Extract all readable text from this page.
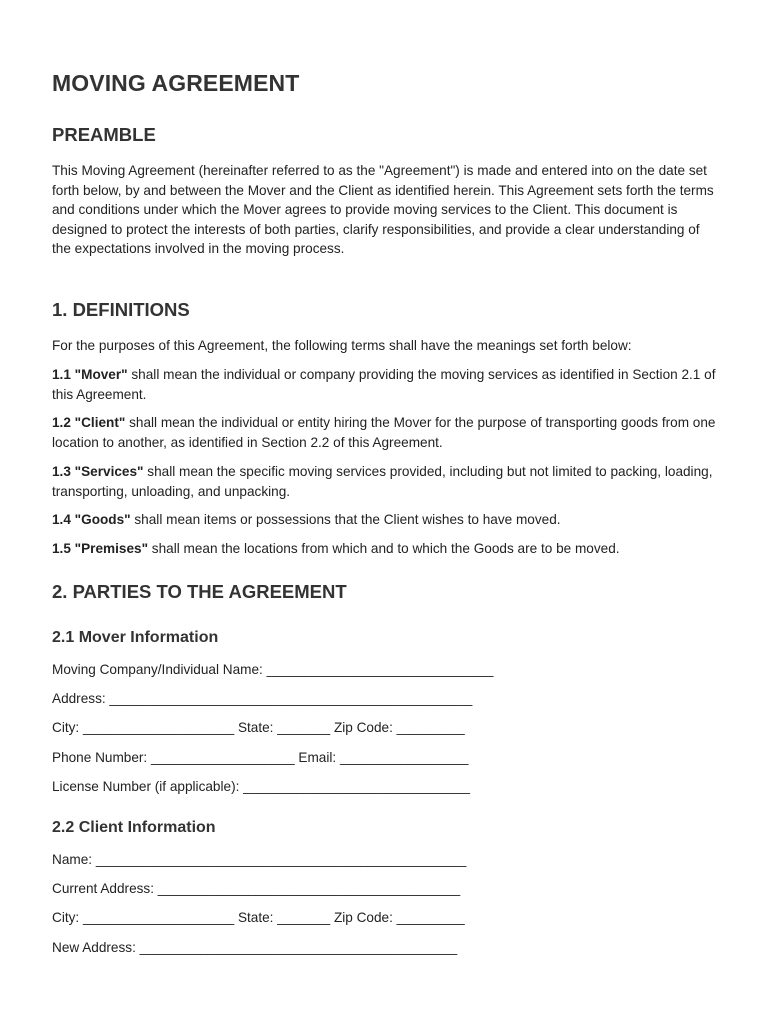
MOVING AGREEMENT
PREAMBLE

This Moving Agreement (hereinafter referred to as the "Agreement") is made and entered into on the date set forth below, by and between the Mover and the Client as identified herein. This Agreement sets forth the terms and conditions under which the Mover agrees to provide moving services to the Client. This document is designed to protect the interests of both parties, clarify responsibilities, and provide a clear understanding of the expectations involved in the moving process.

1. DEFINITIONS

For the purposes of this Agreement, the following terms shall have the meanings set forth below:

1.1 "Mover" shall mean the individual or company providing the moving services as identified in Section 2.1 of this Agreement.

1.2 "Client" shall mean the individual or entity hiring the Mover for the purpose of transporting goods from one location to another, as identified in Section 2.2 of this Agreement.

1.3 "Services" shall mean the specific moving services provided, including but not limited to packing, loading, transporting, unloading, and unpacking.

1.4 "Goods" shall mean items or possessions that the Client wishes to have moved.

1.5 "Premises" shall mean the locations from which and to which the Goods are to be moved.

2. PARTIES TO THE AGREEMENT
2.1 Mover Information

Moving Company/Individual Name: ______________________________

Address: ________________________________________________

City: ____________________ State: _______ Zip Code: _________

Phone Number: ___________________ Email: _________________

License Number (if applicable): ______________________________

2.2 Client Information

Name: _________________________________________________

Current Address: ________________________________________

City: ____________________ State: _______ Zip Code: _________

New Address: __________________________________________
